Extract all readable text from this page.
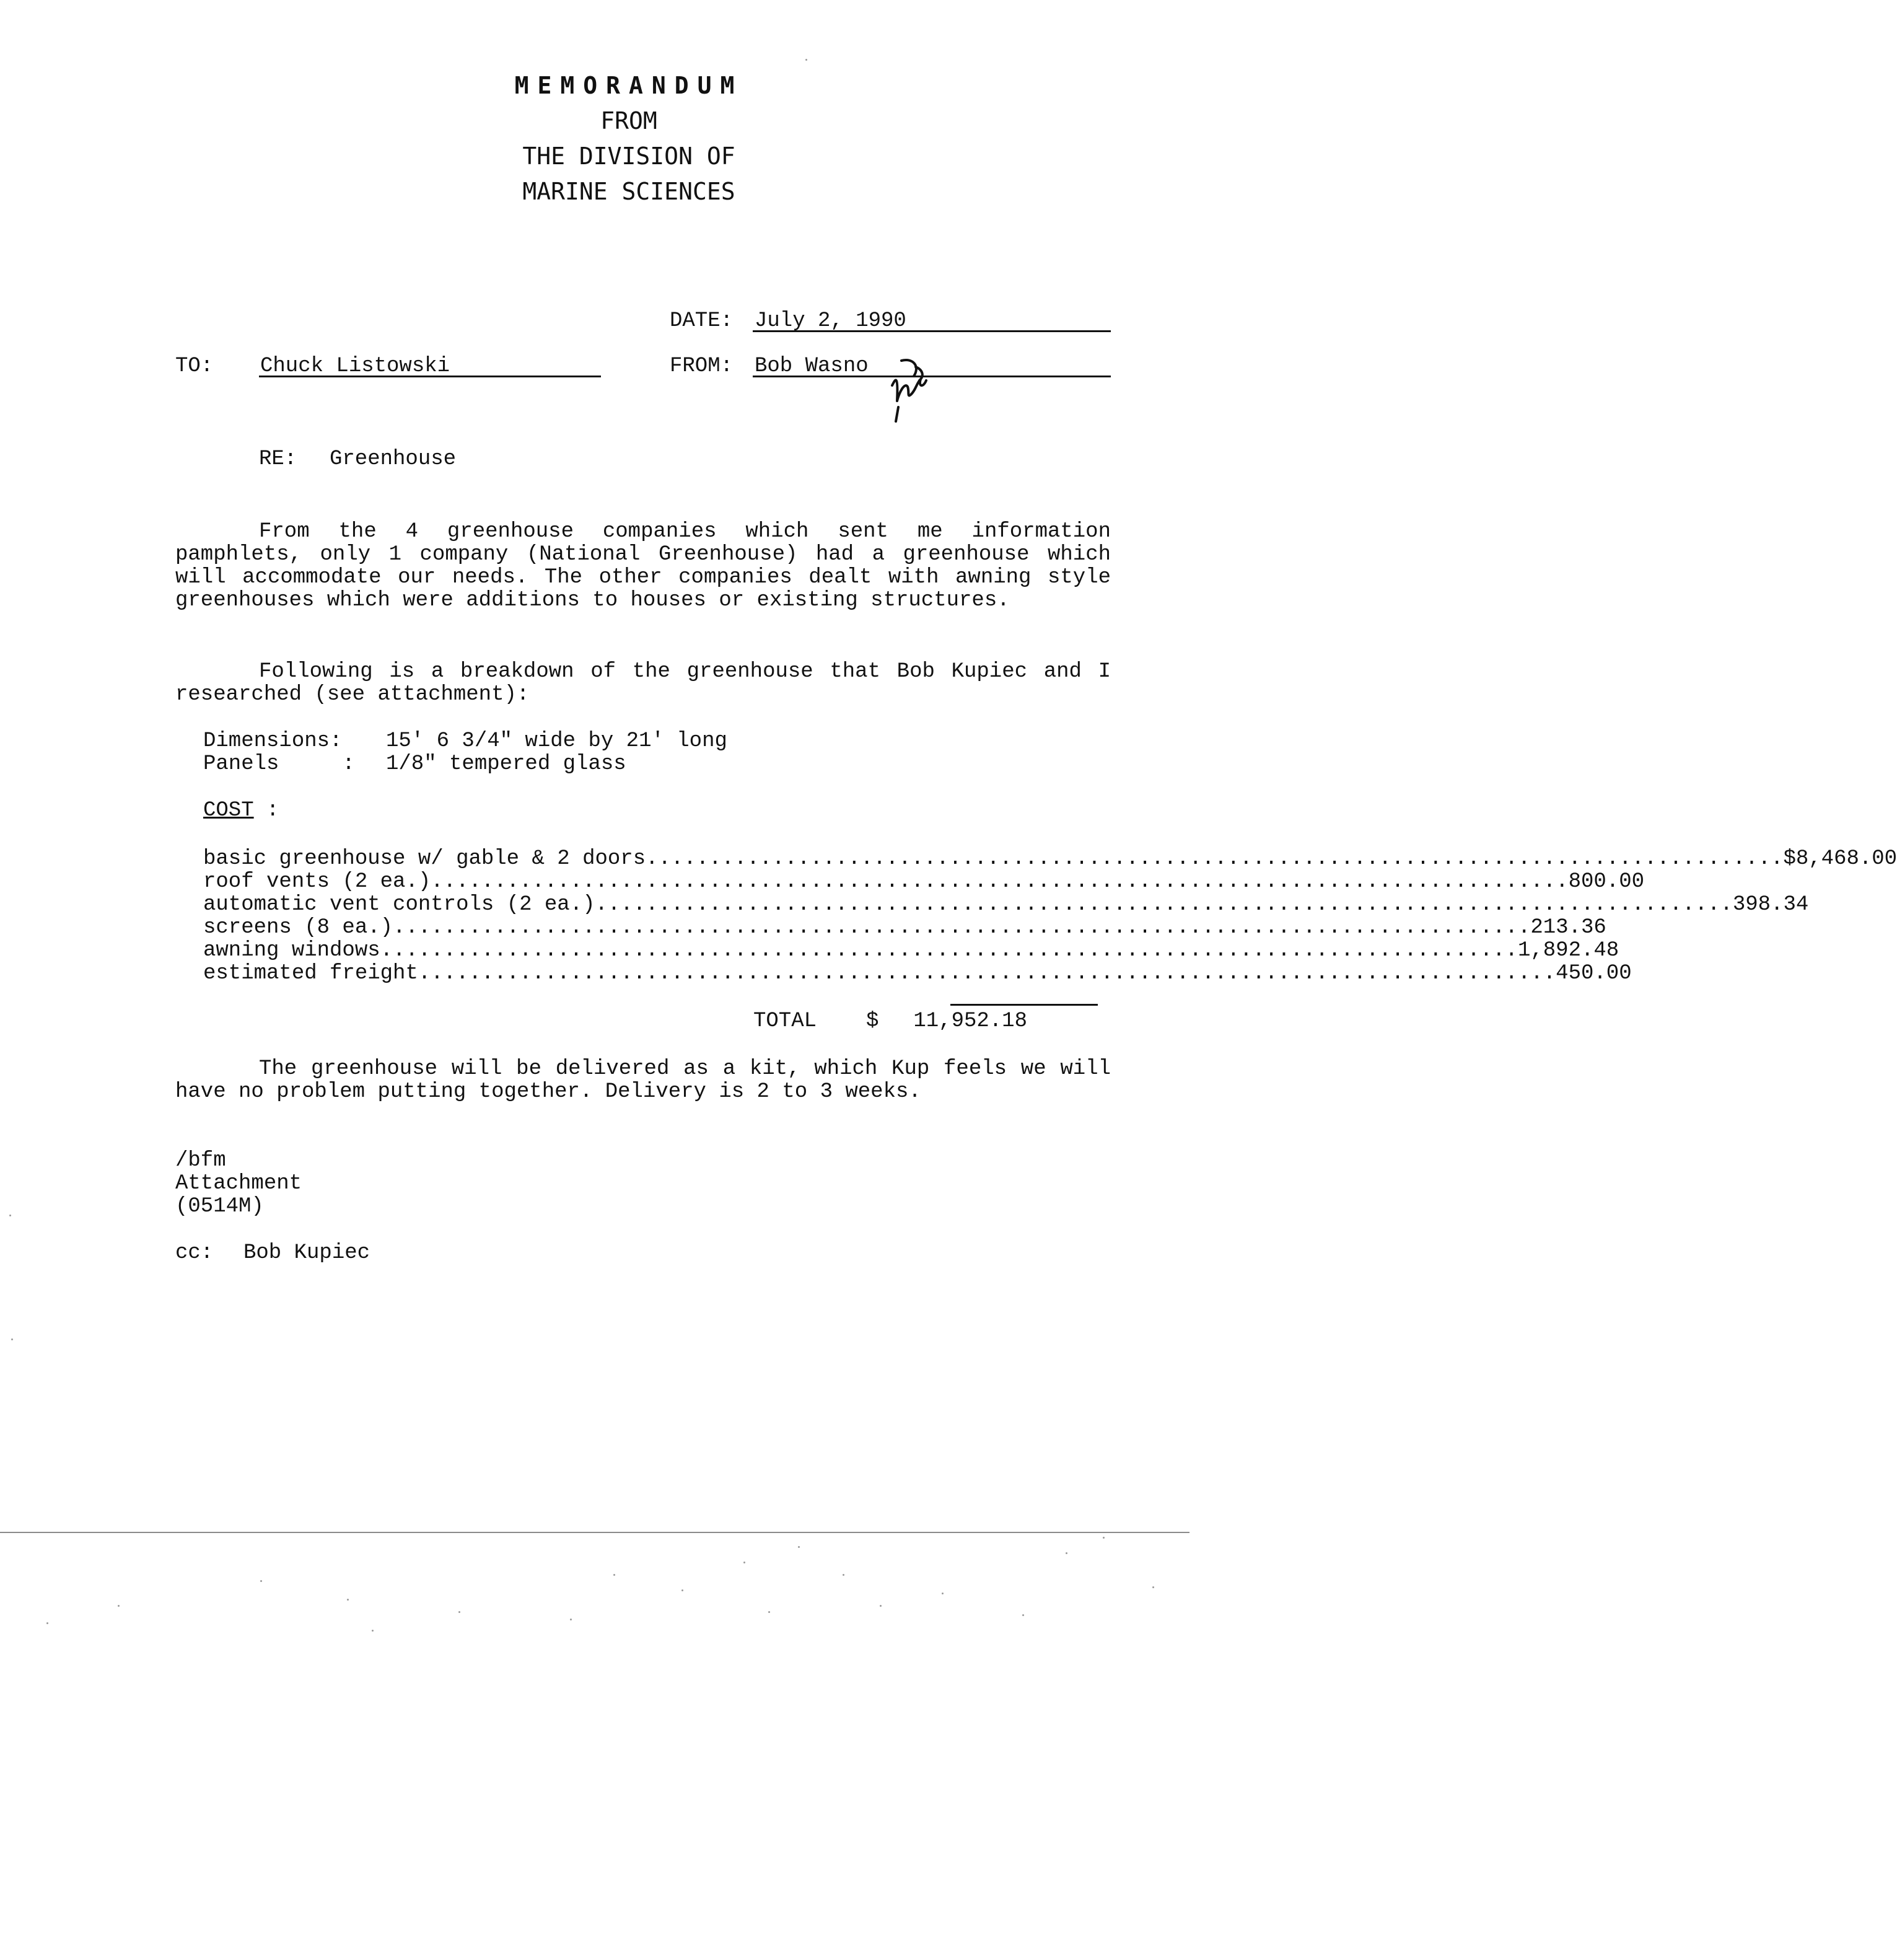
MEMORANDUM
FROM
THE DIVISION OF
MARINE SCIENCES
DATE: July 2, 1990
TO: Chuck Listowski	FROM: Bob Wasno
RE: Greenhouse
From the 4 greenhouse companies which sent me information pamphlets, only 1 company (National Greenhouse) had a greenhouse which will accommodate our needs. The other companies dealt with awning style greenhouses which were additions to houses or existing structures.
Following is a breakdown of the greenhouse that Bob Kupiec and I researched (see attachment):
Dimensions: 15' 6 3/4" wide by 21' long
Panels     : 1/8" tempered glass
COST :
basic greenhouse w/ gable & 2 doors .......................................................................................... $ 8,468.00
roof vents (2 ea.) .......................................................................................... 800.00
automatic vent controls (2 ea.) .......................................................................................... 398.34
screens (8 ea.) .......................................................................................... 213.36
awning windows .......................................................................................... 1,892.48
estimated freight .......................................................................................... 450.00
TOTAL $	11,952.18
The greenhouse will be delivered as a kit, which Kup feels we will have no problem putting together. Delivery is 2 to 3 weeks.
/bfm
Attachment
(0514M)
cc: Bob Kupiec
